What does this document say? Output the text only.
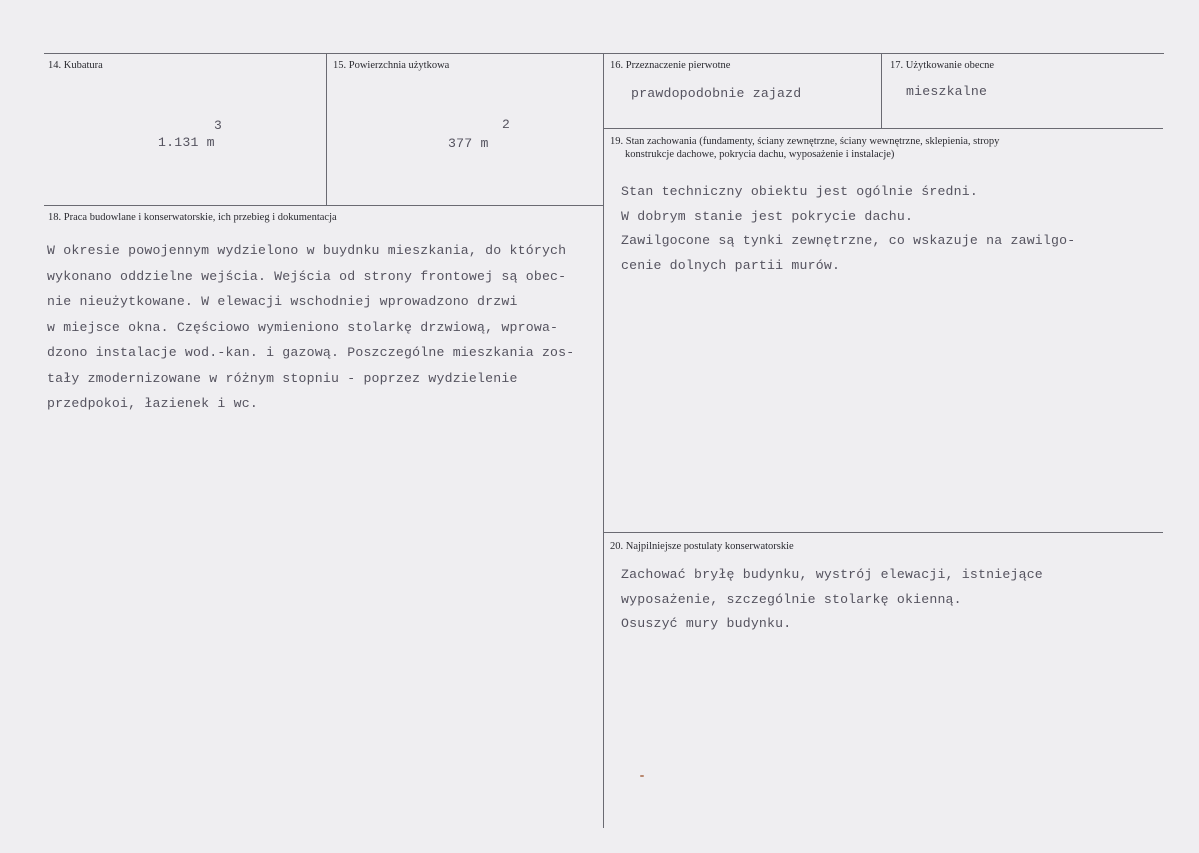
14. Kubatura
1.131 m
3
15. Powierzchnia użytkowa
377 m
2
16. Przeznaczenie pierwotne
prawdopodobnie zajazd
17. Użytkowanie obecne
mieszkalne
18. Praca budowlane i konserwatorskie, ich przebieg i dokumentacja
W okresie powojennym wydzielono w buydnku mieszkania, do których
wykonano oddzielne wejścia. Wejścia od strony frontowej są obec-
nie nieużytkowane. W elewacji wschodniej wprowadzono drzwi
w miejsce okna. Częściowo wymieniono stolarkę drzwiową, wprowa-
dzono instalacje wod.-kan. i gazową. Poszczególne mieszkania zos-
tały zmodernizowane w różnym stopniu - poprzez wydzielenie
przedpokoi, łazienek i wc.
19. Stan zachowania (fundamenty, ściany zewnętrzne, ściany wewnętrzne, sklepienia, stropy
konstrukcje dachowe, pokrycia dachu, wyposażenie i instalacje)
Stan techniczny obiektu jest ogólnie średni.
W dobrym stanie jest pokrycie dachu.
Zawilgocone są tynki zewnętrzne, co wskazuje na zawilgo-
cenie dolnych partii murów.
20. Najpilniejsze postulaty konserwatorskie
Zachować bryłę budynku, wystrój elewacji, istniejące
wyposażenie, szczególnie stolarkę okienną.
Osuszyć mury budynku.
